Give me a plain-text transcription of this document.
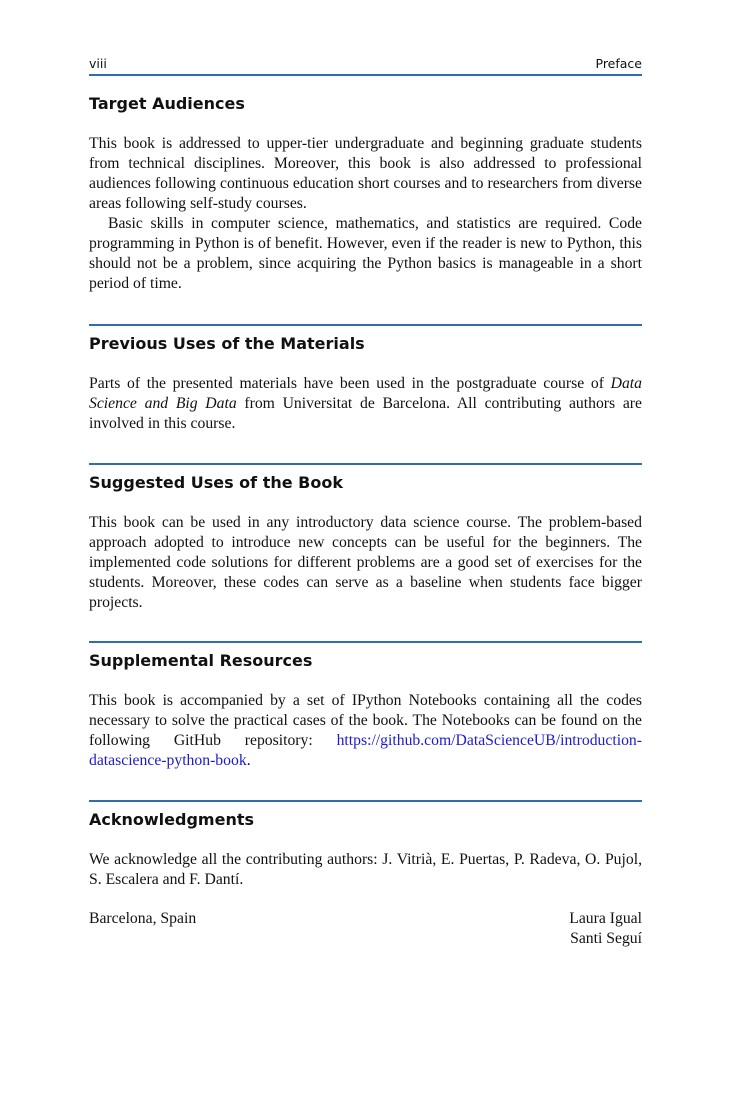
viii	Preface
Target Audiences

This book is addressed to upper-tier undergraduate and beginning graduate students from technical disciplines. Moreover, this book is also addressed to professional audiences following continuous education short courses and to researchers from diverse areas following self-study courses.

Basic skills in computer science, mathematics, and statistics are required. Code programming in Python is of benefit. However, even if the reader is new to Python, this should not be a problem, since acquiring the Python basics is manageable in a short period of time.

Previous Uses of the Materials

Parts of the presented materials have been used in the postgraduate course of Data Science and Big Data from Universitat de Barcelona. All contributing authors are involved in this course.

Suggested Uses of the Book

This book can be used in any introductory data science course. The problem-based approach adopted to introduce new concepts can be useful for the beginners. The implemented code solutions for different problems are a good set of exercises for the students. Moreover, these codes can serve as a baseline when students face bigger projects.

Supplemental Resources

This book is accompanied by a set of IPython Notebooks containing all the codes necessary to solve the practical cases of the book. The Notebooks can be found on the following GitHub repository: https://github.com/DataScienceUB/introduction-datascience-python-book.

Acknowledgments

We acknowledge all the contributing authors: J. Vitrià, E. Puertas, P. Radeva, O. Pujol, S. Escalera and F. Dantí.

Barcelona, Spain	Laura Igual
Santi Seguí
